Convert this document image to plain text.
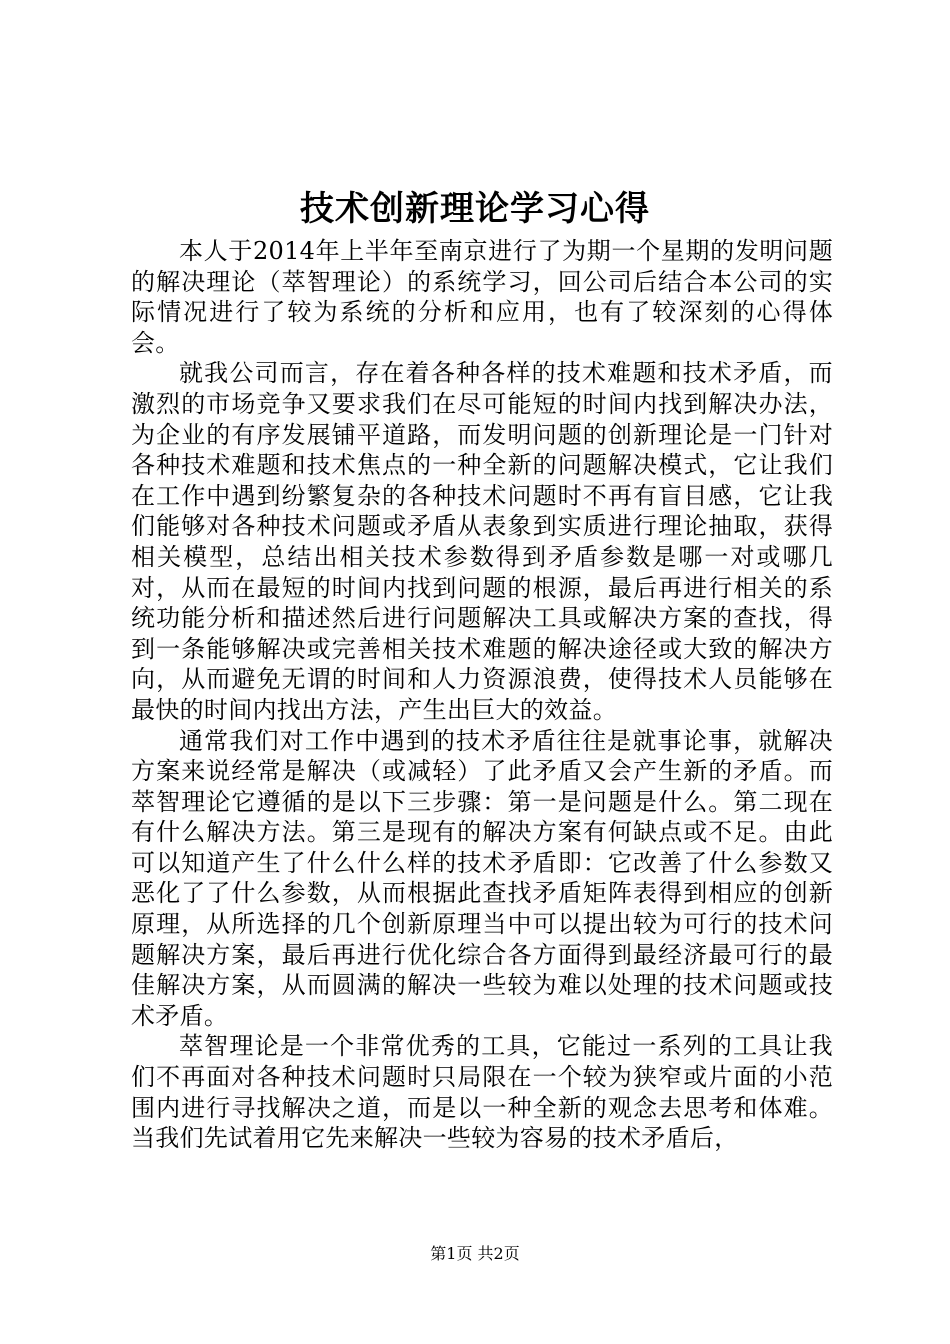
技术创新理论学习心得

本人于2014年上半年至南京进行了为期一个星期的发明问题的解决理论（萃智理论）的系统学习，回公司后结合本公司的实际情况进行了较为系统的分析和应用，也有了较深刻的心得体会。

就我公司而言，存在着各种各样的技术难题和技术矛盾，而激烈的市场竞争又要求我们在尽可能短的时间内找到解决办法，为企业的有序发展铺平道路，而发明问题的创新理论是一门针对各种技术难题和技术焦点的一种全新的问题解决模式，它让我们在工作中遇到纷繁复杂的各种技术问题时不再有盲目感，它让我们能够对各种技术问题或矛盾从表象到实质进行理论抽取，获得相关模型，总结出相关技术参数得到矛盾参数是哪一对或哪几对，从而在最短的时间内找到问题的根源，最后再进行相关的系统功能分析和描述然后进行问题解决工具或解决方案的查找，得到一条能够解决或完善相关技术难题的解决途径或大致的解决方向，从而避免无谓的时间和人力资源浪费，使得技术人员能够在最快的时间内找出方法，产生出巨大的效益。

通常我们对工作中遇到的技术矛盾往往是就事论事，就解决方案来说经常是解决（或减轻）了此矛盾又会产生新的矛盾。而萃智理论它遵循的是以下三步骤：第一是问题是什么。第二现在有什么解决方法。第三是现有的解决方案有何缺点或不足。由此可以知道产生了什么什么样的技术矛盾即：它改善了什么参数又恶化了了什么参数，从而根据此查找矛盾矩阵表得到相应的创新原理，从所选择的几个创新原理当中可以提出较为可行的技术问题解决方案，最后再进行优化综合各方面得到最经济最可行的最佳解决方案，从而圆满的解决一些较为难以处理的技术问题或技术矛盾。

萃智理论是一个非常优秀的工具，它能过一系列的工具让我们不再面对各种技术问题时只局限在一个较为狭窄或片面的小范围内进行寻找解决之道，而是以一种全新的观念去思考和体难。当我们先试着用它先来解决一些较为容易的技术矛盾后，

第1页 共2页
